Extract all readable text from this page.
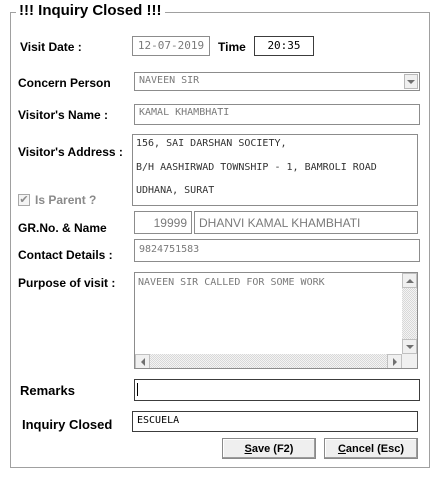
!!! Inquiry Closed !!!
Visit Date :	12-07-2019	Time	20:35
Concern Person	NAVEEN SIR
Visitor's Name :	KAMAL KHAMBHATI
Visitor's Address :
156, SAI DARSHAN SOCIETY,
B/H AASHIRWAD TOWNSHIP - 1, BAMROLI ROAD
UDHANA, SURAT
✔ Is Parent ?
GR.No. & Name	19999	DHANVI KAMAL KHAMBHATI
Contact Details :	9824751583
Purpose of visit : NAVEEN SIR CALLED FOR SOME WORK
Remarks
Inquiry Closed	ESCUELA
S ave (F2)	C ancel (Esc)
